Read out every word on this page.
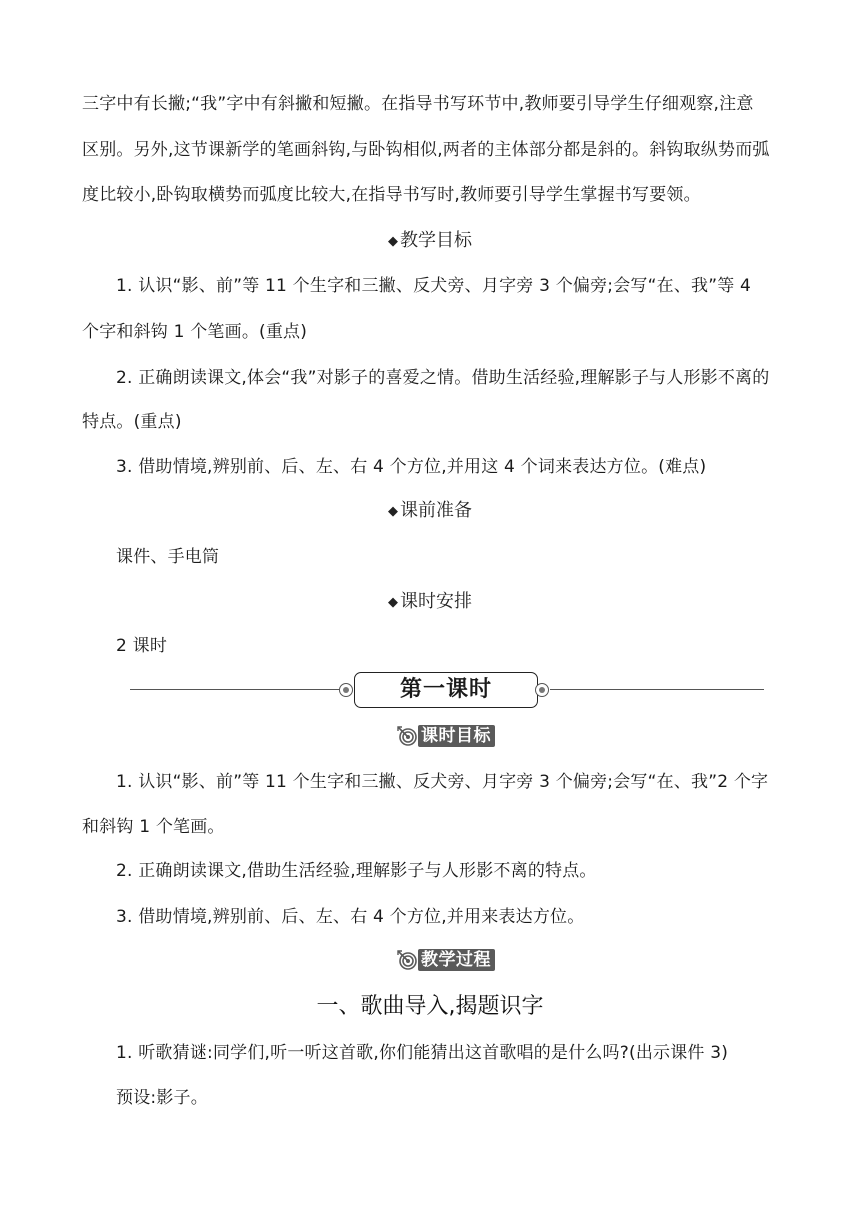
三字中有长撇;“我”字中有斜撇和短撇。在指导书写环节中,教师要引导学生仔细观察,注意
区别。另外,这节课新学的笔画斜钩,与卧钩相似,两者的主体部分都是斜的。斜钩取纵势而弧
度比较小,卧钩取横势而弧度比较大,在指导书写时,教师要引导学生掌握书写要领。
◆ 教学目标
1. 认识“影、前”等 11 个生字和三撇、反犬旁、月字旁 3 个偏旁;会写“在、我”等 4
个字和斜钩 1 个笔画。(重点)
2. 正确朗读课文,体会“我”对影子的喜爱之情。借助生活经验,理解影子与人形影不离的
特点。(重点)
3. 借助情境,辨别前、后、左、右 4 个方位,并用这 4 个词来表达方位。(难点)
◆ 课前准备
课件、手电筒
◆ 课时安排
2 课时
第一课时
课时目标
1. 认识“影、前”等 11 个生字和三撇、反犬旁、月字旁 3 个偏旁;会写“在、我”2 个字
和斜钩 1 个笔画。
2. 正确朗读课文,借助生活经验,理解影子与人形影不离的特点。
3. 借助情境,辨别前、后、左、右 4 个方位,并用来表达方位。
教学过程
一、歌曲导入,揭题识字
1. 听歌猜谜:同学们,听一听这首歌,你们能猜出这首歌唱的是什么吗?(出示课件 3)
预设:影子。
